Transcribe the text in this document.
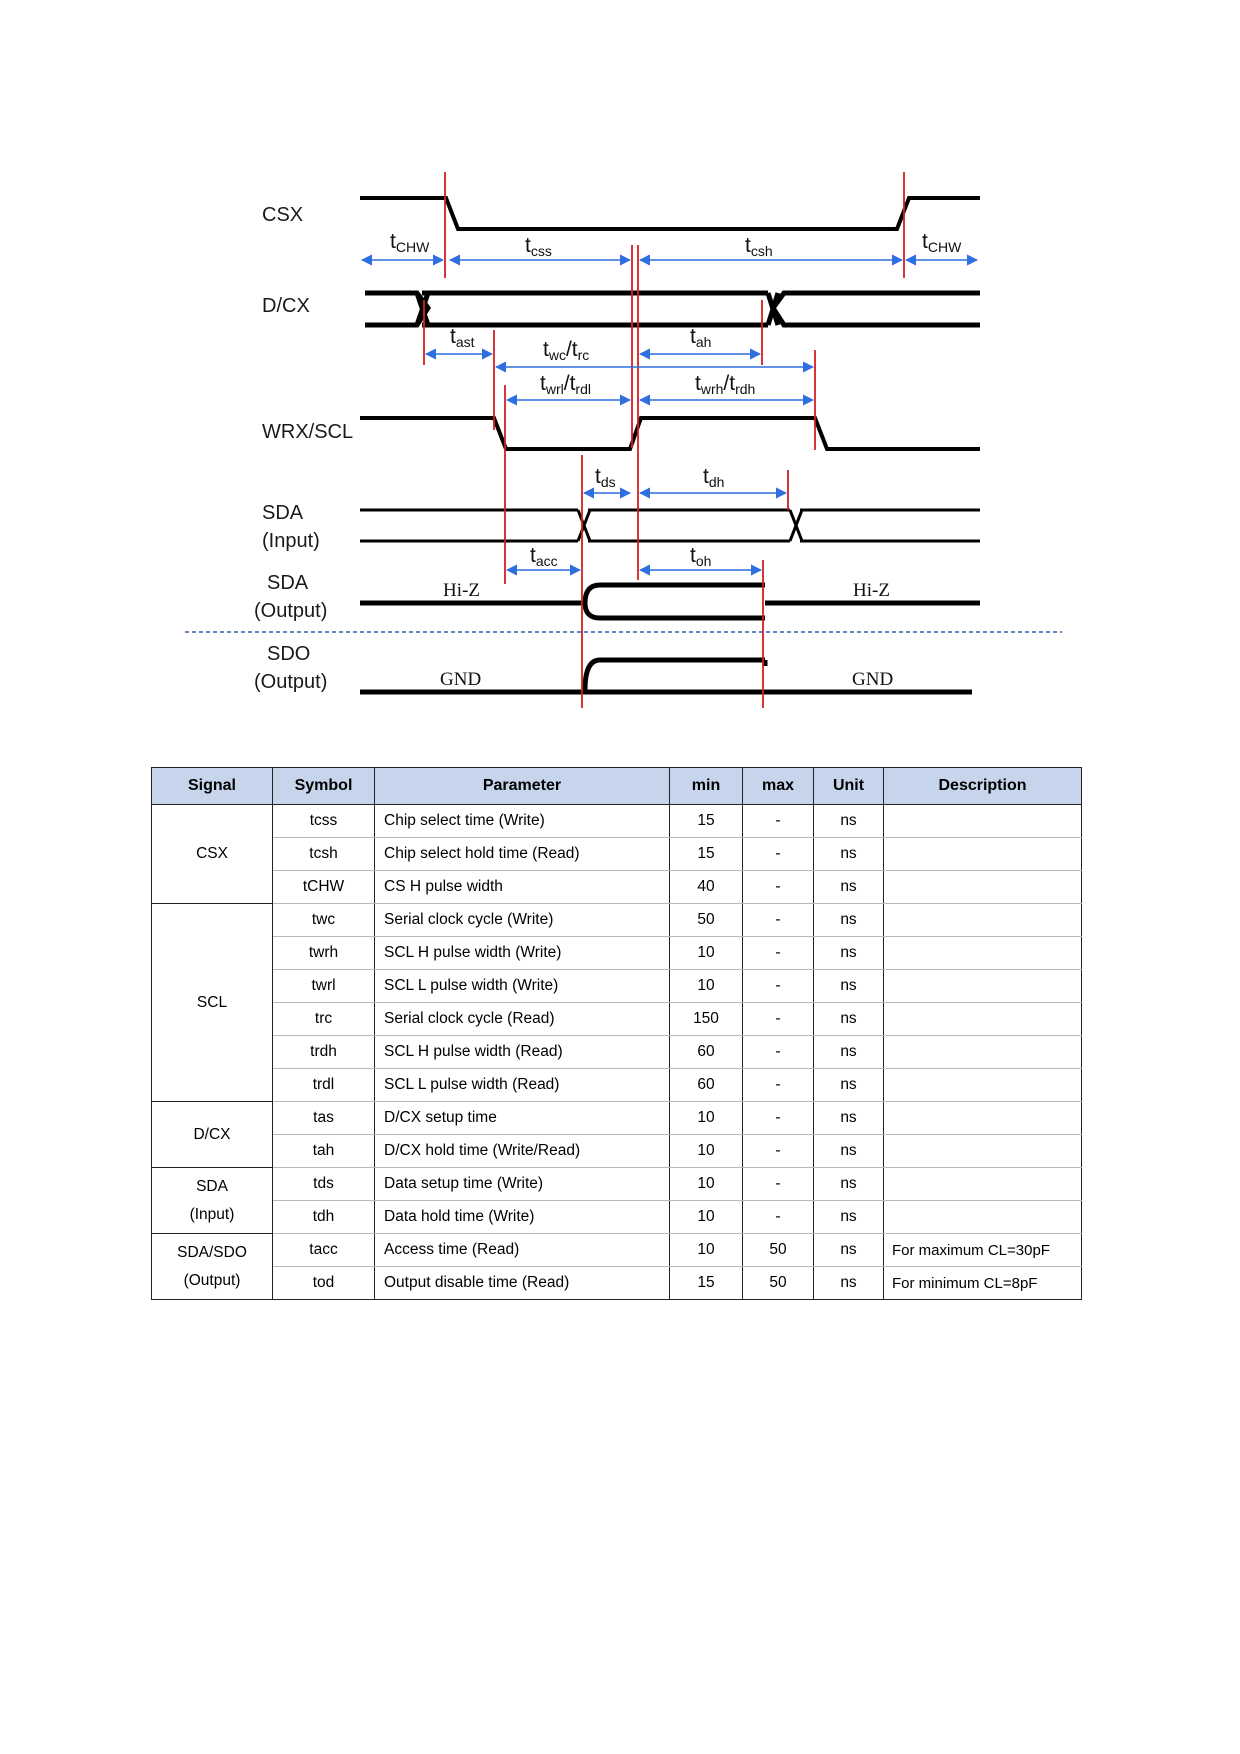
CSX
D/CX
WRX/SCL
SDA
(Input)
SDA
(Output)
SDO
(Output)
Hi-Z	Hi-Z
GND	GND
tCHW	tcss	tcsh	tCHW
tast	twc/trc
tah
twrl/trdl	twrh/trdh
tds	tdh
tacc	toh
Signal	Symbol	Parameter	min	max	Unit	Description

CSX	tcss	Chip select time (Write)	15	-	ns	
	tcsh	Chip select hold time (Read)	15	-	ns	
	tCHW	CS H pulse width	40	-	ns	

SCL	twc	Serial clock cycle (Write)	50	-	ns	
	twrh	SCL H pulse width (Write)	10	-	ns	
	twrl	SCL L pulse width (Write)	10	-	ns	
	trc	Serial clock cycle (Read)	150	-	ns	
	trdh	SCL H pulse width (Read)	60	-	ns	
	trdl	SCL L pulse width (Read)	60	-	ns	

D/CX	tas	D/CX setup time	10	-	ns	
	tah	D/CX hold time (Write/Read)	10	-	ns	

SDA
(Input)	tds	Data setup time (Write)	10	-	ns	
	tdh	Data hold time (Write)	10	-	ns	

SDA/SDO
(Output)	tacc	Access time (Read)	10	50	ns	For maximum CL=30pF
	tod	Output disable time (Read)	15	50	ns	For minimum CL=8pF
